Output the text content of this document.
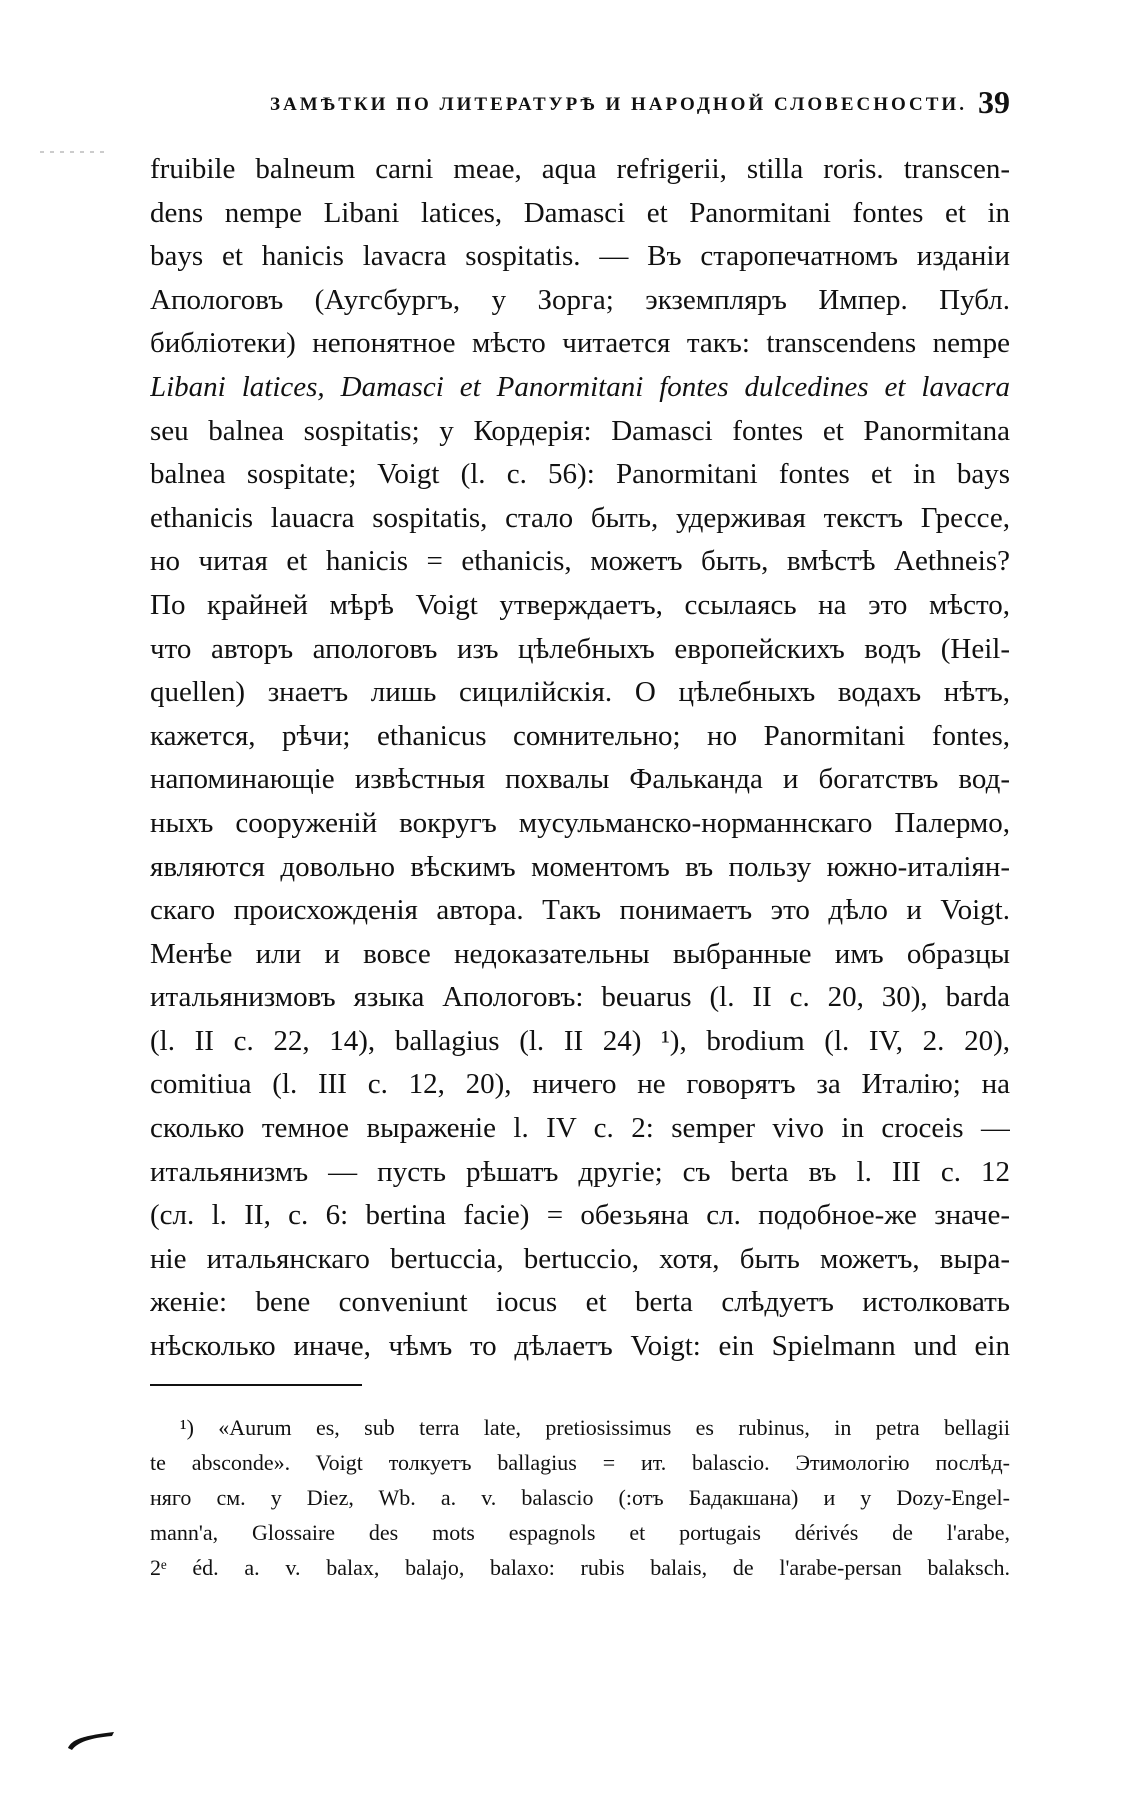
ЗАМѢТКИ ПО ЛИТЕРАТУРѢ И НАРОДНОЙ СЛОВЕСНОСТИ. 39
fruibile balneum carni meae, aqua refrigerii, stilla roris. transcen-
dens nempe Libani latices, Damasci et Panormitani fontes et in
bays et hanicis lavacra sospitatis. — Въ старопечатномъ изданіи
Апологовъ (Аугсбургъ, у Зорга; экземпляръ Импер. Публ.
библіотеки) непонятное мѣсто читается такъ: transcendens nempe
Libani latices, Damasci et Panormitani fontes dulcedines et lavacra
seu balnea sospitatis; у Кордерія: Damasci fontes et Panormitana
balnea sospitate; Voigt (l. c. 56): Panormitani fontes et in bays
ethanicis lauacra sospitatis, стало быть, удерживая текстъ Грессе,
но читая et hanicis = ethanicis, можетъ быть, вмѣстѣ Aethneis?
По крайней мѣрѣ Voigt утверждаетъ, ссылаясь на это мѣсто,
что авторъ апологовъ изъ цѣлебныхъ европейскихъ водъ (Heil-
quellen) знаетъ лишь сицилійскія. О цѣлебныхъ водахъ нѣтъ,
кажется, рѣчи; ethanicus сомнительно; но Panormitani fontes,
напоминающіе извѣстныя похвалы Фальканда и богатствъ вод-
ныхъ сооруженій вокругъ мусульманско-норманнскаго Палермо,
являются довольно вѣскимъ моментомъ въ пользу южно-италіян-
скаго происхожденія автора. Такъ понимаетъ это дѣло и Voigt.
Менѣе или и вовсе недоказательны выбранные имъ образцы
итальянизмовъ языка Апологовъ: beuarus (l. II c. 20, 30), barda
(l. II c. 22, 14), ballagius (l. II 24) ¹), brodium (l. IV, 2. 20),
comitiua (l. III c. 12, 20), ничего не говорятъ за Италію; на
сколько темное выраженіе l. IV c. 2: semper vivo in croceis —
итальянизмъ — пусть рѣшатъ другіе; съ berta въ l. III c. 12
(сл. l. II, c. 6: bertina facie) = обезьяна сл. подобное-же значе-
ніе итальянскаго bertuccia, bertuccio, хотя, быть можетъ, выра-
женіе: bene conveniunt iocus et berta слѣдуетъ истолковать
нѣсколько иначе, чѣмъ то дѣлаетъ Voigt: ein Spielmann und ein
¹) «Aurum es, sub terra late, pretiosissimus es rubinus, in petra bellagii
te absconde». Voigt толкуетъ ballagius = ит. balascio. Этимологію послѣд-
няго см. у Diez, Wb. a. v. balascio (:отъ Бадакшана) и у Dozy-Engel-
mann'a, Glossaire des mots espagnols et portugais dérivés de l'arabe,
2ᵉ éd. a. v. balax, balajo, balaxo: rubis balais, de l'arabe-persan balaksch.
